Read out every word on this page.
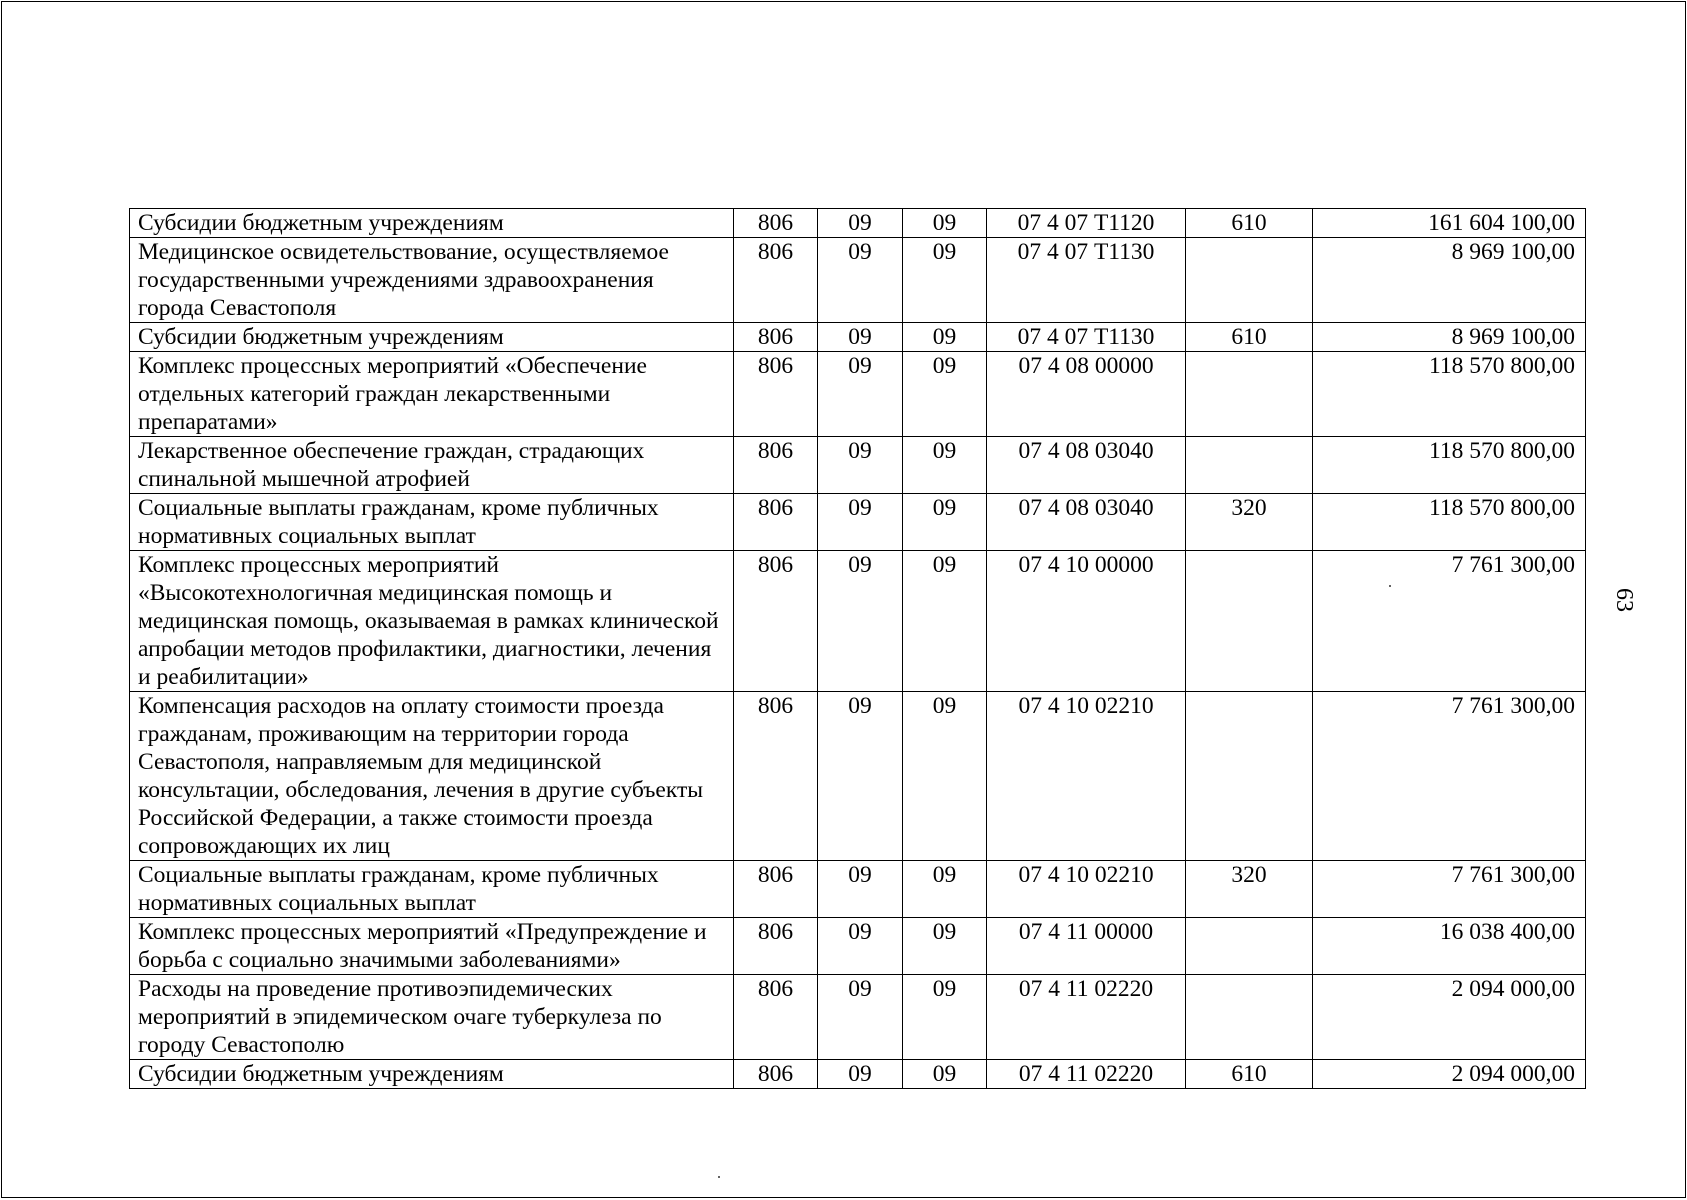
Субсидии бюджетным учреждениям	806	09	09	07 4 07 Т1120	610	161 604 100,00
Медицинское освидетельствование, осуществляемое государственными учреждениями здравоохранения города Севастополя	806	09	09	07 4 07 Т1130		8 969 100,00
Субсидии бюджетным учреждениям	806	09	09	07 4 07 Т1130	610	8 969 100,00
Комплекс процессных мероприятий «Обеспечение отдельных категорий граждан лекарственными препаратами»	806	09	09	07 4 08 00000		118 570 800,00
Лекарственное обеспечение граждан, страдающих спинальной мышечной атрофией	806	09	09	07 4 08 03040		118 570 800,00
Социальные выплаты гражданам, кроме публичных нормативных социальных выплат	806	09	09	07 4 08 03040	320	118 570 800,00
Комплекс процессных мероприятий «Высокотехнологичная медицинская помощь и медицинская помощь, оказываемая в рамках клинической апробации методов профилактики, диагностики, лечения и реабилитации»	806	09	09	07 4 10 00000		7 761 300,00
Компенсация расходов на оплату стоимости проезда гражданам, проживающим на территории города Севастополя, направляемым для медицинской консультации, обследования, лечения в другие субъекты Российской Федерации, а также стоимости проезда сопровождающих их лиц	806	09	09	07 4 10 02210		7 761 300,00
Социальные выплаты гражданам, кроме публичных нормативных социальных выплат	806	09	09	07 4 10 02210	320	7 761 300,00
Комплекс процессных мероприятий «Предупреждение и борьба с социально значимыми заболеваниями»	806	09	09	07 4 11 00000		16 038 400,00
Расходы на проведение противоэпидемических мероприятий в эпидемическом очаге туберкулеза по городу Севастополю	806	09	09	07 4 11 02220		2 094 000,00
Субсидии бюджетным учреждениям	806	09	09	07 4 11 02220	610	2 094 000,00
63
